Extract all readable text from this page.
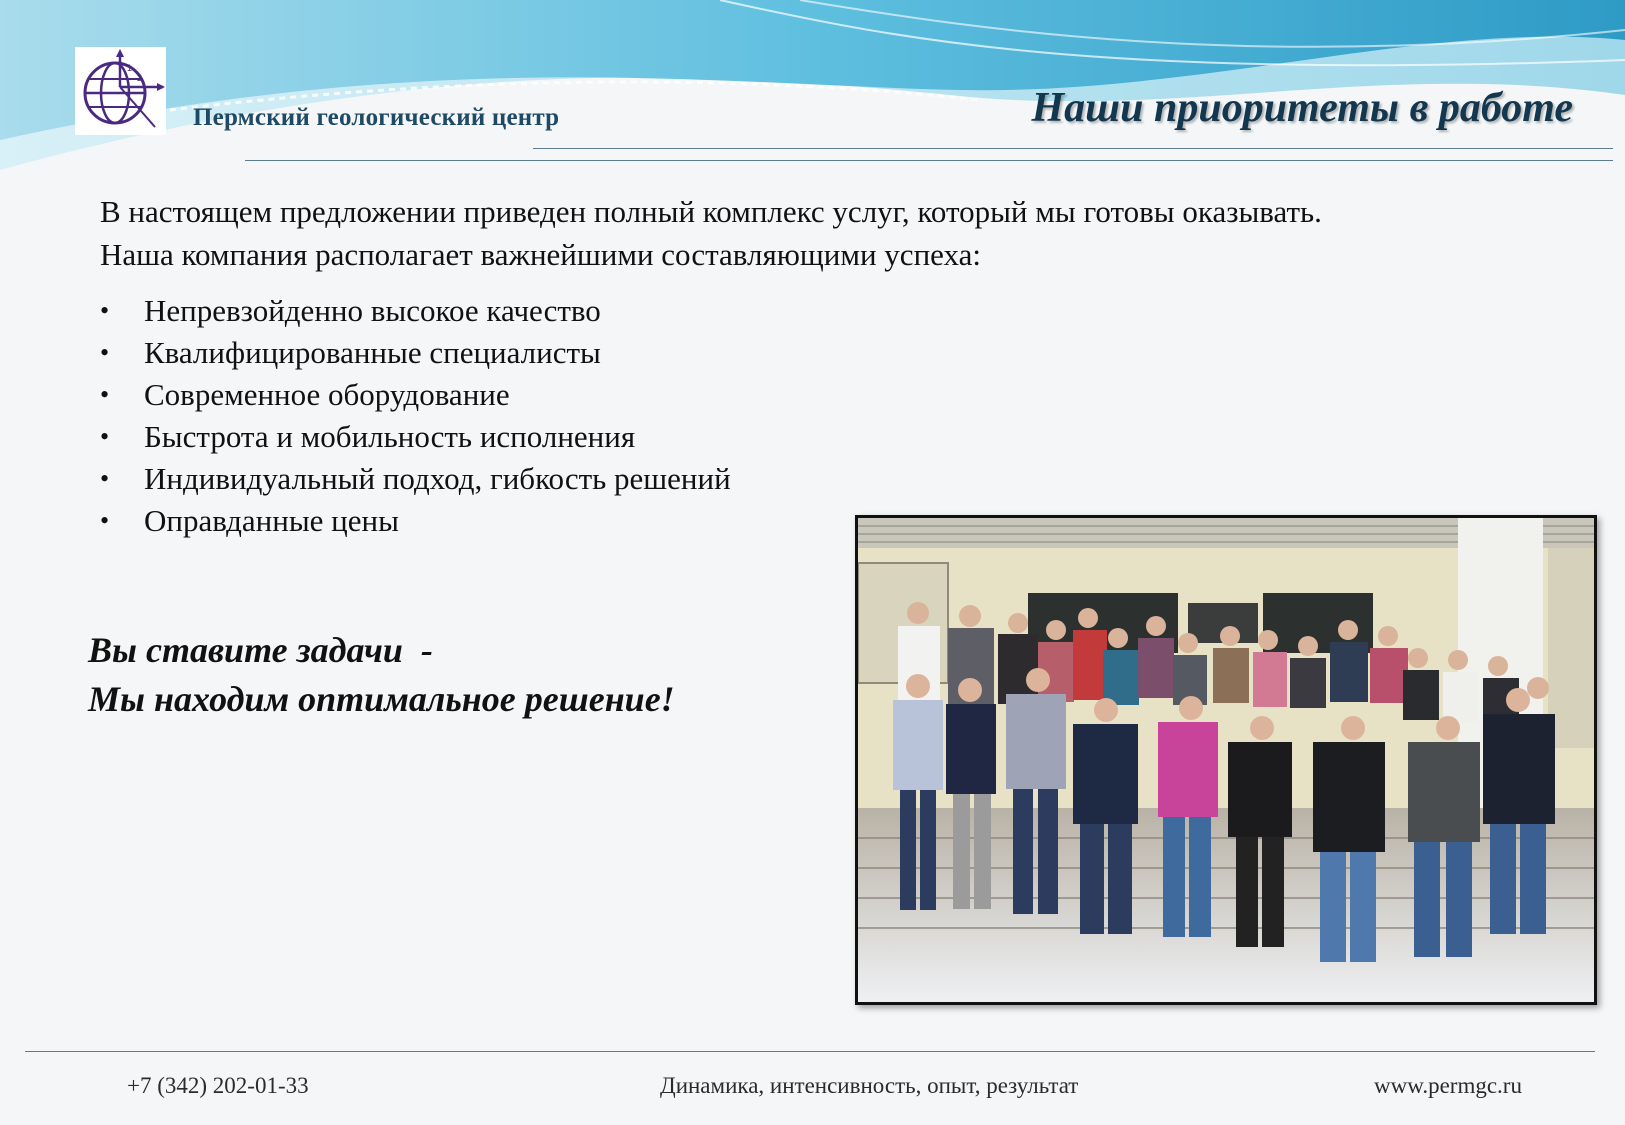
1
2
Пермский геологический центр	Наши приоритеты в работе
В настоящем предложении приведен полный комплекс услуг, который мы готовы оказывать.
Наша компания располагает важнейшими составляющими успеха:
• Непревзойденно высокое качество
• Квалифицированные специалисты
• Современное оборудование
• Быстрота и мобильность исполнения
• Индивидуальный подход, гибкость решений
• Оправданные цены
Вы ставите задачи  -
Мы находим оптимальное решение!
+7 (342) 202-01-33	Динамика, интенсивность, опыт, результат	www.permgc.ru
